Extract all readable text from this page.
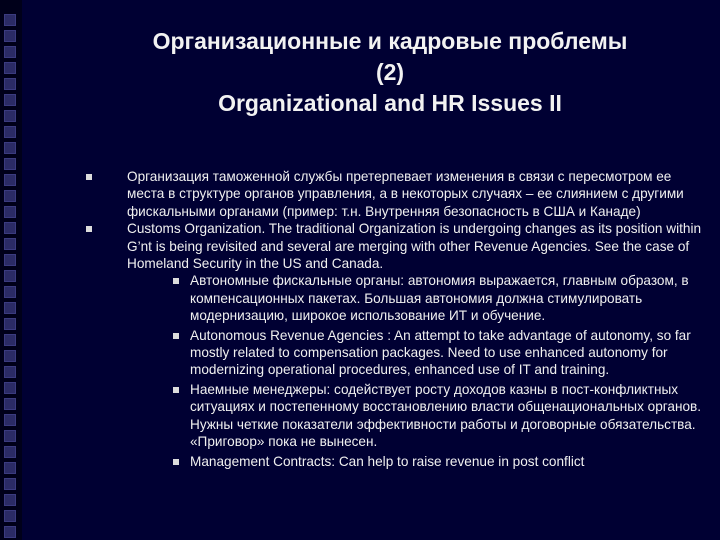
Организационные и кадровые проблемы
(2)
Organizational and HR Issues II
Организация таможенной службы претерпевает изменения в связи с пересмотром ее места в структуре органов управления, а в некоторых случаях – ее слиянием с другими фискальными органами (пример: т.н. Внутренняя безопасность в США и Канаде)
Customs Organization. The traditional Organization is undergoing changes as its position within G’nt is being revisited and several are merging with other Revenue Agencies. See the case of Homeland Security in the US and Canada.
Автономные фискальные органы: автономия выражается, главным образом, в компенсационных пакетах. Большая автономия должна стимулировать модернизацию, широкое использование ИТ и обучение.
Autonomous Revenue Agencies : An attempt to take advantage of autonomy, so far mostly related to compensation packages. Need to use enhanced autonomy for modernizing operational procedures, enhanced use of IT and training.
Наемные менеджеры: содействует росту доходов казны в пост-конфликтных ситуациях и постепенному восстановлению власти общенациональных органов. Нужны четкие показатели эффективности работы и договорные обязательства. «Приговор» пока не вынесен.
Management Contracts: Can help to raise revenue in post conflict
